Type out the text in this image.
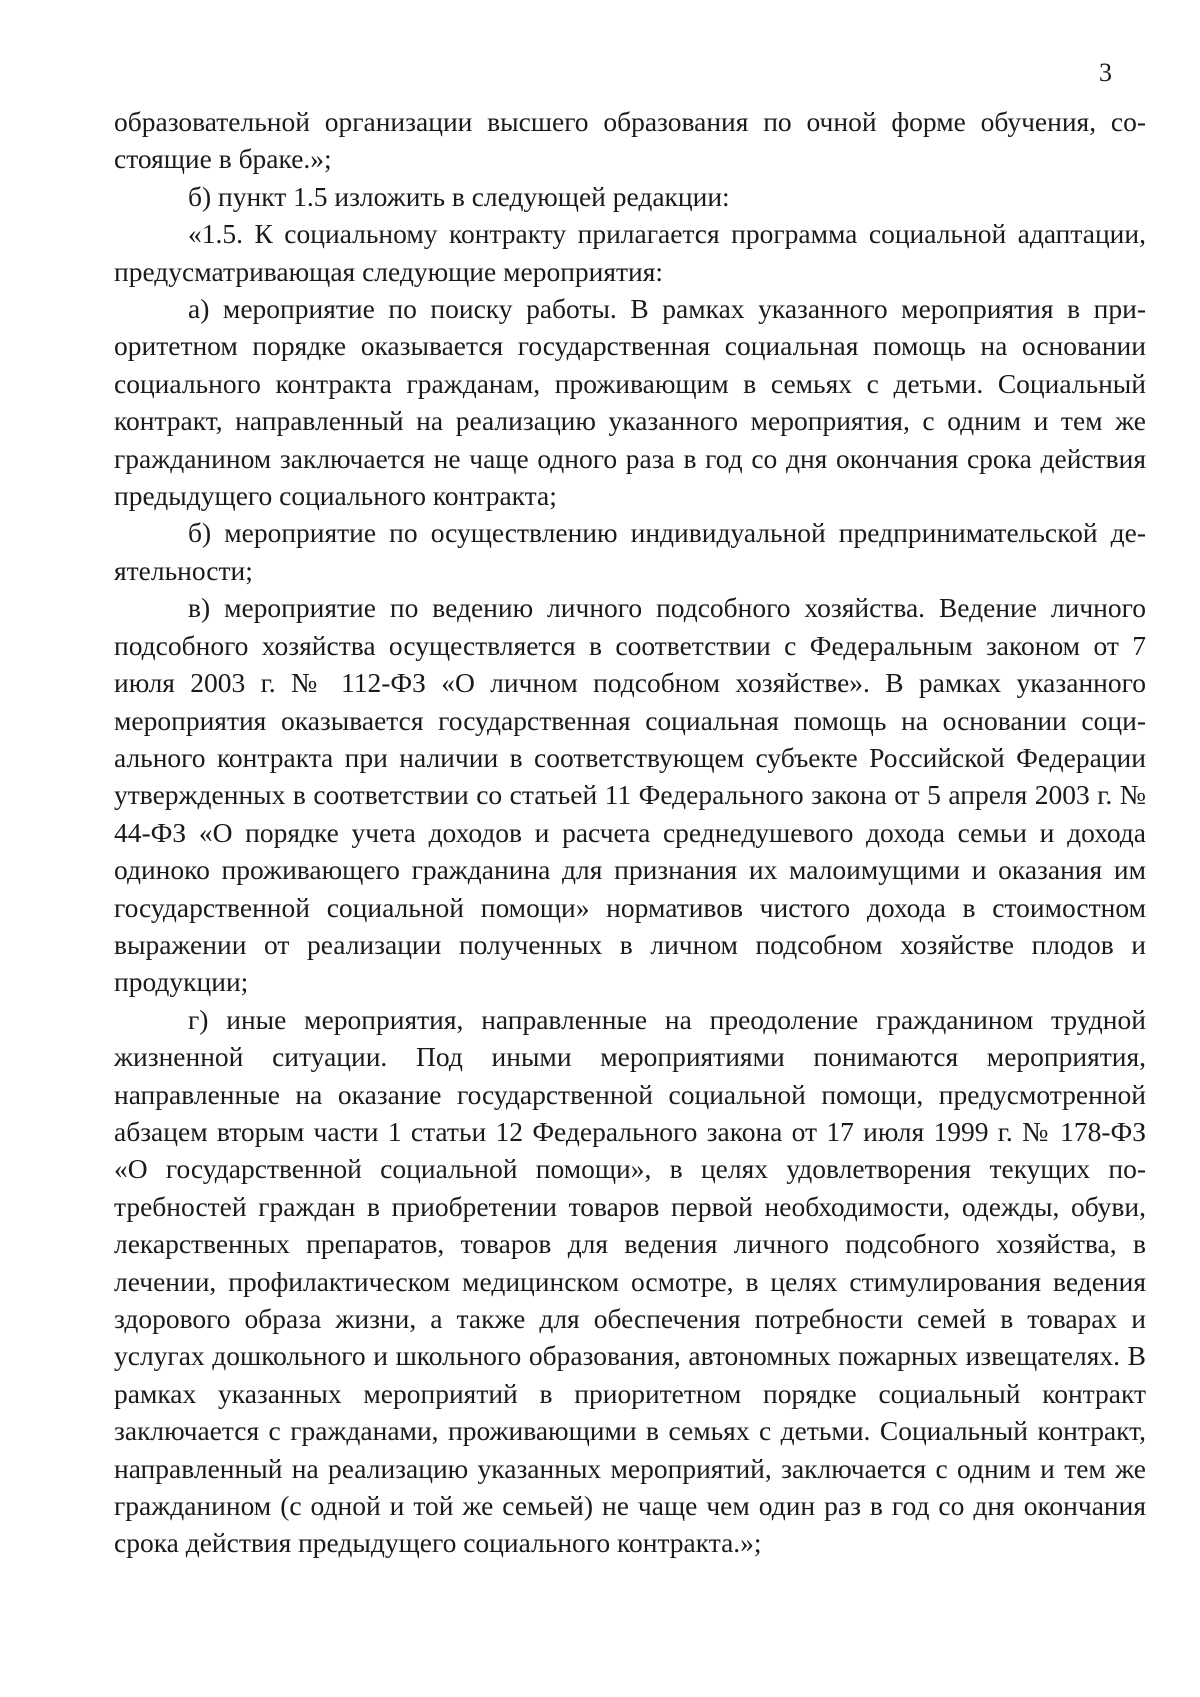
3

образовательной организации высшего образования по очной форме обучения, состоящие в браке.»;

б) пункт 1.5 изложить в следующей редакции:

«1.5. К социальному контракту прилагается программа социальной адаптации, предусматривающая следующие мероприятия:

а) мероприятие по поиску работы. В рамках указанного мероприятия в приоритетном порядке оказывается государственная социальная помощь на основании социального контракта гражданам, проживающим в семьях с детьми. Социальный контракт, направленный на реализацию указанного мероприятия, с одним и тем же гражданином заключается не чаще одного раза в год со дня окончания срока действия предыдущего социального контракта;

б) мероприятие по осуществлению индивидуальной предпринимательской деятельности;

в) мероприятие по ведению личного подсобного хозяйства. Ведение личного подсобного хозяйства осуществляется в соответствии с Федеральным законом от 7 июля 2003 г. № 112-ФЗ «О личном подсобном хозяйстве». В рамках указанного мероприятия оказывается государственная социальная помощь на основании социального контракта при наличии в соответствующем субъекте Российской Федерации утвержденных в соответствии со статьей 11 Федерального закона от 5 апреля 2003 г. № 44-ФЗ «О порядке учета доходов и расчета среднедушевого дохода семьи и дохода одиноко проживающего гражданина для признания их малоимущими и оказания им государственной социальной помощи» нормативов чистого дохода в стоимостном выражении от реализации полученных в личном подсобном хозяйстве плодов и продукции;

г) иные мероприятия, направленные на преодоление гражданином трудной жизненной ситуации. Под иными мероприятиями понимаются мероприятия, направленные на оказание государственной социальной помощи, предусмотренной абзацем вторым части 1 статьи 12 Федерального закона от 17 июля 1999 г. № 178-ФЗ «О государственной социальной помощи», в целях удовлетворения текущих потребностей граждан в приобретении товаров первой необходимости, одежды, обуви, лекарственных препаратов, товаров для ведения личного подсобного хозяйства, в лечении, профилактическом медицинском осмотре, в целях стимулирования ведения здорового образа жизни, а также для обеспечения потребности семей в товарах и услугах дошкольного и школьного образования, автономных пожарных извещателях. В рамках указанных мероприятий в приоритетном порядке социальный контракт заключается с гражданами, проживающими в семьях с детьми. Социальный контракт, направленный на реализацию указанных мероприятий, заключается с одним и тем же гражданином (с одной и той же семьей) не чаще чем один раз в год со дня окончания срока действия предыдущего социального контракта.»;
